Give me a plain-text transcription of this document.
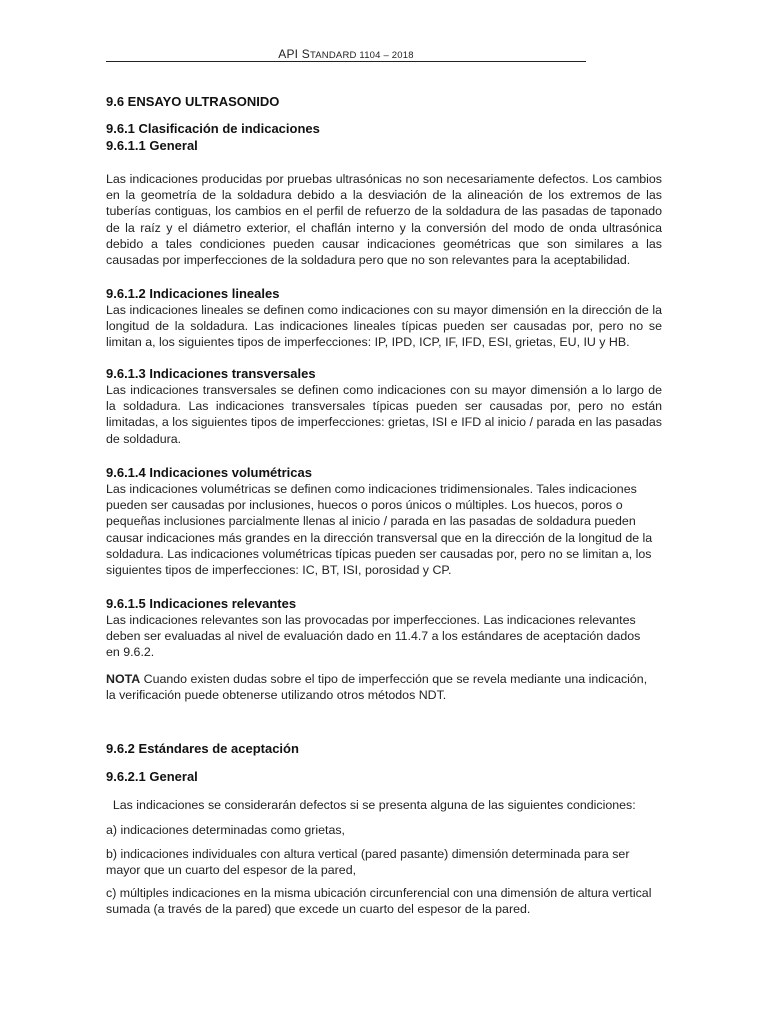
API STANDARD 1104 – 2018
9.6 ENSAYO ULTRASONIDO
9.6.1 Clasificación de indicaciones
9.6.1.1 General
Las indicaciones producidas por pruebas ultrasónicas no son necesariamente defectos. Los cambios en la geometría de la soldadura debido a la desviación de la alineación de los extremos de las tuberías contiguas, los cambios en el perfil de refuerzo de la soldadura de las pasadas de taponado de la raíz y el diámetro exterior, el chaflán interno y la conversión del modo de onda ultrasónica debido a tales condiciones pueden causar indicaciones geométricas que son similares a las causadas por imperfecciones de la soldadura pero que no son relevantes para la aceptabilidad.
9.6.1.2 Indicaciones lineales
Las indicaciones lineales se definen como indicaciones con su mayor dimensión en la dirección de la longitud de la soldadura. Las indicaciones lineales típicas pueden ser causadas por, pero no se limitan a, los siguientes tipos de imperfecciones: IP, IPD, ICP, IF, IFD, ESI, grietas, EU, IU y HB.
9.6.1.3 Indicaciones transversales
Las indicaciones transversales se definen como indicaciones con su mayor dimensión a lo largo de la soldadura. Las indicaciones transversales típicas pueden ser causadas por, pero no están limitadas, a los siguientes tipos de imperfecciones: grietas, ISI e IFD al inicio / parada en las pasadas de soldadura.
9.6.1.4 Indicaciones volumétricas
Las indicaciones volumétricas se definen como indicaciones tridimensionales. Tales indicaciones
pueden ser causadas por inclusiones, huecos o poros únicos o múltiples. Los huecos, poros o
pequeñas inclusiones parcialmente llenas al inicio / parada en las pasadas de soldadura pueden
causar indicaciones más grandes en la dirección transversal que en la dirección de la longitud de la
soldadura. Las indicaciones volumétricas típicas pueden ser causadas por, pero no se limitan a, los
siguientes tipos de imperfecciones: IC, BT, ISI, porosidad y CP.
9.6.1.5 Indicaciones relevantes
Las indicaciones relevantes son las provocadas por imperfecciones. Las indicaciones relevantes
deben ser evaluadas al nivel de evaluación dado en 11.4.7 a los estándares de aceptación dados
en 9.6.2.
NOTA Cuando existen dudas sobre el tipo de imperfección que se revela mediante una indicación,
la verificación puede obtenerse utilizando otros métodos NDT.
9.6.2 Estándares de aceptación
9.6.2.1 General
Las indicaciones se considerarán defectos si se presenta alguna de las siguientes condiciones:
a) indicaciones determinadas como grietas,
b) indicaciones individuales con altura vertical (pared pasante) dimensión determinada para ser
mayor que un cuarto del espesor de la pared,
c) múltiples indicaciones en la misma ubicación circunferencial con una dimensión de altura vertical
sumada (a través de la pared) que excede un cuarto del espesor de la pared.
